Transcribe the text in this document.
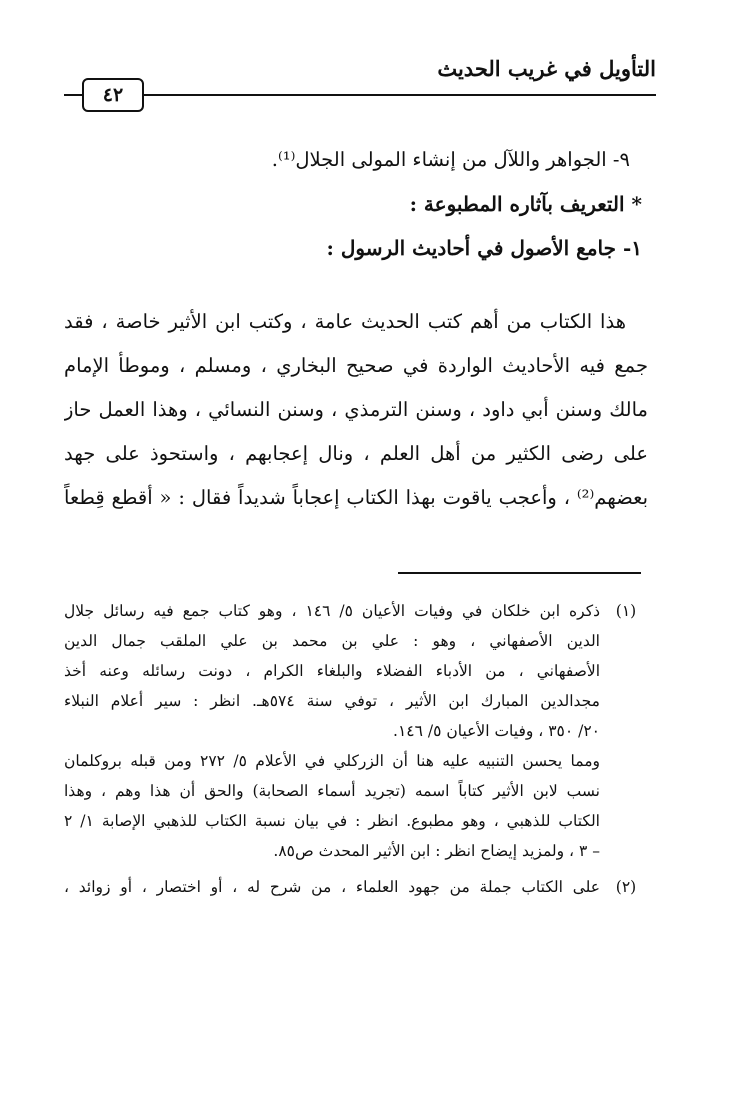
التأويل في غريب الحديث
٤٢
٩- الجواهر واللآل من إنشاء المولى الجلال⁽¹⁾.
* التعريف بآثاره المطبوعة :
١- جامع الأصول في أحاديث الرسول :
هذا الكتاب من أهم كتب الحديث عامة ، وكتب ابن الأثير خاصة ، فقد
جمع فيه الأحاديث الواردة في صحيح البخاري ، ومسلم ، وموطأ الإمام
مالك وسنن أبي داود ، وسنن الترمذي ، وسنن النسائي ، وهذا العمل حاز
على رضى الكثير من أهل العلم ، ونال إعجابهم ، واستحوذ على جهد
بعضهم⁽²⁾ ، وأعجب ياقوت بهذا الكتاب إعجاباً شديداً فقال : « أقطع قِطعاً
(١)
ذكره ابن خلكان في وفيات الأعيان ٥/ ١٤٦ ، وهو كتاب جمع فيه رسائل جلال
الدين الأصفهاني ، وهو : علي بن محمد بن علي الملقب جمال الدين
الأصفهاني ، من الأدباء الفضلاء والبلغاء الكرام ، دونت رسائله وعنه أخذ
مجدالدين المبارك ابن الأثير ، توفي سنة ٥٧٤هـ. انظر : سير أعلام النبلاء
٢٠/ ٣٥٠ ، وفيات الأعيان ٥/ ١٤٦.
ومما يحسن التنبيه عليه هنا أن الزركلي في الأعلام ٥/ ٢٧٢ ومن قبله بروكلمان
نسب لابن الأثير كتاباً اسمه (تجريد أسماء الصحابة) والحق أن هذا وهم ، وهذا
الكتاب للذهبي ، وهو مطبوع. انظر : في بيان نسبة الكتاب للذهبي الإصابة ١/ ٢
– ٣ ، ولمزيد إيضاح انظر : ابن الأثير المحدث ص٨٥.
(٢)
على الكتاب جملة من جهود العلماء ، من شرح له ، أو اختصار ، أو زوائد ،
